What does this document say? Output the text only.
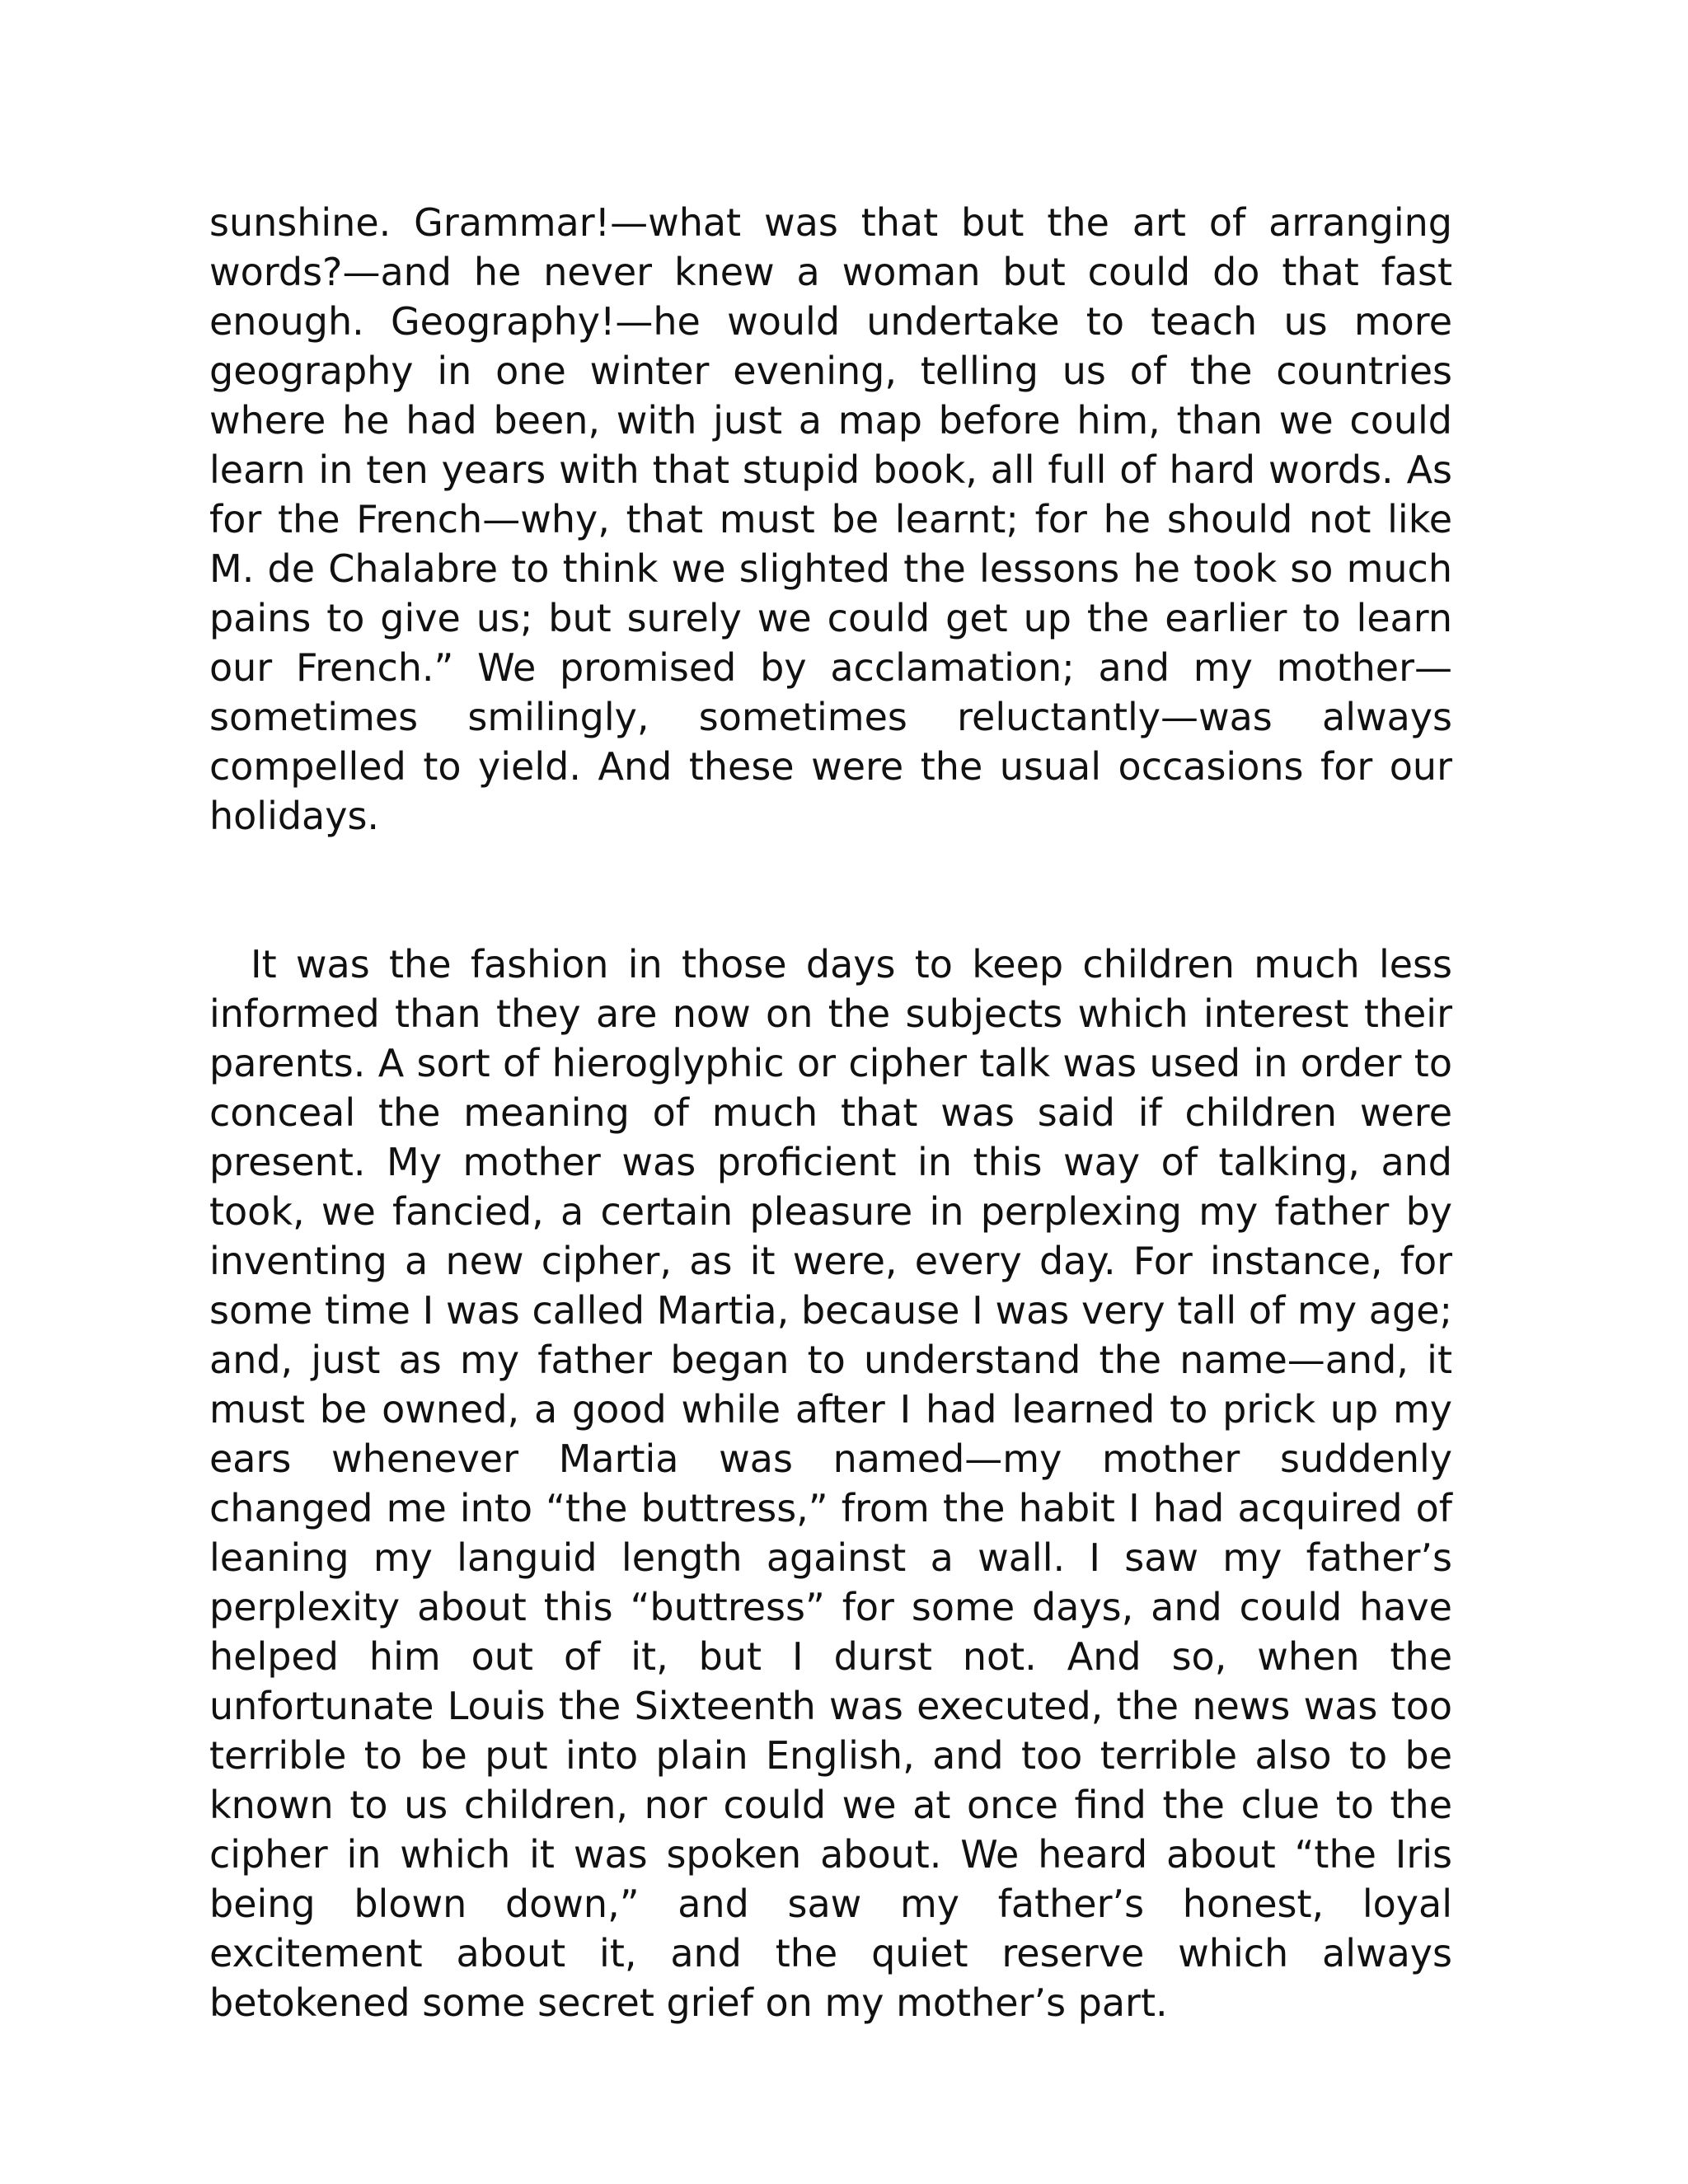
sunshine. Grammar!—what was that but the art of arranging words?—and he never knew a woman but could do that fast enough. Geography!—he would undertake to teach us more geography in one winter evening, telling us of the countries where he had been, with just a map before him, than we could learn in ten years with that stupid book, all full of hard words. As for the French—why, that must be learnt; for he should not like M. de Chalabre to think we slighted the lessons he took so much pains to give us; but surely we could get up the earlier to learn our French.” We promised by acclamation; and my mother—sometimes smilingly, sometimes reluctantly—was always compelled to yield. And these were the usual occasions for our holidays.

It was the fashion in those days to keep children much less informed than they are now on the subjects which interest their parents. A sort of hieroglyphic or cipher talk was used in order to conceal the meaning of much that was said if children were present. My mother was proficient in this way of talking, and took, we fancied, a certain pleasure in perplexing my father by inventing a new cipher, as it were, every day. For instance, for some time I was called Martia, because I was very tall of my age; and, just as my father began to understand the name—and, it must be owned, a good while after I had learned to prick up my ears whenever Martia was named—my mother suddenly changed me into “the buttress,” from the habit I had acquired of leaning my languid length against a wall. I saw my father’s perplexity about this “buttress” for some days, and could have helped him out of it, but I durst not. And so, when the unfortunate Louis the Sixteenth was executed, the news was too terrible to be put into plain English, and too terrible also to be known to us children, nor could we at once find the clue to the cipher in which it was spoken about. We heard about “the Iris being blown down,” and saw my father’s honest, loyal excitement about it, and the quiet reserve which always betokened some secret grief on my mother’s part.
